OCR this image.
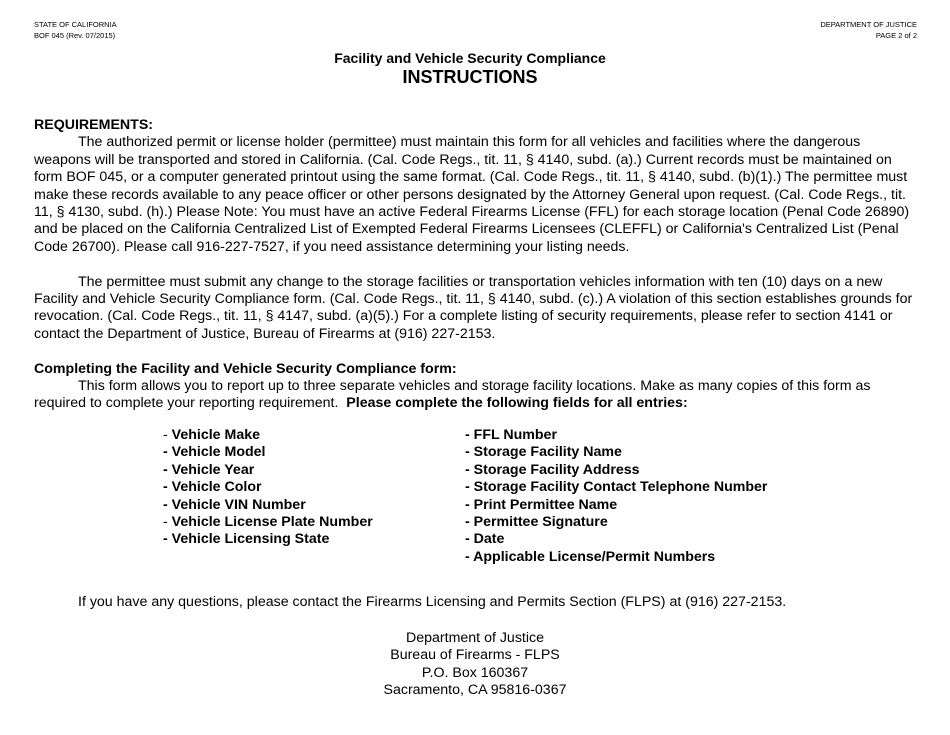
STATE OF CALIFORNIA
BOF 045 (Rev. 07/2015)
DEPARTMENT OF JUSTICE
PAGE 2 of 2
Facility and Vehicle Security Compliance
INSTRUCTIONS

REQUIREMENTS:

The authorized permit or license holder (permittee) must maintain this form for all vehicles and facilities where the dangerous weapons will be transported and stored in California. (Cal. Code Regs., tit. 11, § 4140, subd. (a).) Current records must be maintained on form BOF 045, or a computer generated printout using the same format. (Cal. Code Regs., tit. 11, § 4140, subd. (b)(1).) The permittee must make these records available to any peace officer or other persons designated by the Attorney General upon request. (Cal. Code Regs., tit. 11, § 4130, subd. (h).) Please Note: You must have an active Federal Firearms License (FFL) for each storage location (Penal Code 26890) and be placed on the California Centralized List of Exempted Federal Firearms Licensees (CLEFFL) or California's Centralized List (Penal Code 26700). Please call 916-227-7527, if you need assistance determining your listing needs.

The permittee must submit any change to the storage facilities or transportation vehicles information with ten (10) days on a new Facility and Vehicle Security Compliance form. (Cal. Code Regs., tit. 11, § 4140, subd. (c).) A violation of this section establishes grounds for revocation. (Cal. Code Regs., tit. 11, § 4147, subd. (a)(5).) For a complete listing of security requirements, please refer to section 4141 or contact the Department of Justice, Bureau of Firearms at (916) 227-2153.

Completing the Facility and Vehicle Security Compliance form:

This form allows you to report up to three separate vehicles and storage facility locations. Make as many copies of this form as required to complete your reporting requirement. Please complete the following fields for all entries:

- Vehicle Make
- Vehicle Model
- Vehicle Year
- Vehicle Color
- Vehicle VIN Number
- Vehicle License Plate Number
- Vehicle Licensing State
- FFL Number
- Storage Facility Name
- Storage Facility Address
- Storage Facility Contact Telephone Number
- Print Permittee Name
- Permittee Signature
- Date
- Applicable License/Permit Numbers
If you have any questions, please contact the Firearms Licensing and Permits Section (FLPS) at (916) 227-2153.
Department of Justice
Bureau of Firearms - FLPS
P.O. Box 160367
Sacramento, CA 95816-0367
